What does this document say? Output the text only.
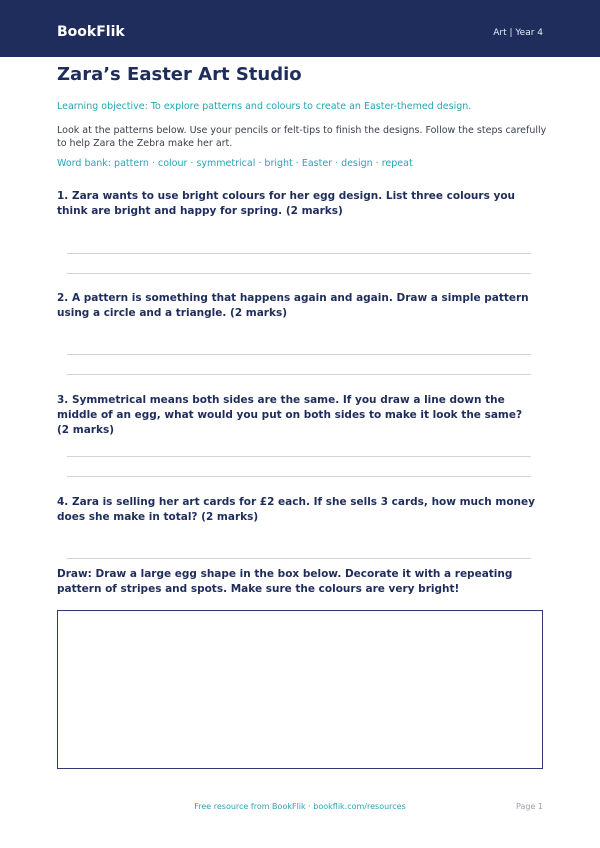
BookFlik	Art | Year 4
Zara’s Easter Art Studio
Learning objective: To explore patterns and colours to create an Easter-themed design.
Look at the patterns below. Use your pencils or felt-tips to finish the designs. Follow the steps carefully to help Zara the Zebra make her art.
Word bank: pattern · colour · symmetrical · bright · Easter · design · repeat
1. Zara wants to use bright colours for her egg design. List three colours you think are bright and happy for spring. (2 marks)
2. A pattern is something that happens again and again. Draw a simple pattern using a circle and a triangle. (2 marks)
3. Symmetrical means both sides are the same. If you draw a line down the middle of an egg, what would you put on both sides to make it look the same? (2 marks)
4. Zara is selling her art cards for £2 each. If she sells 3 cards, how much money does she make in total? (2 marks)
Draw: Draw a large egg shape in the box below. Decorate it with a repeating pattern of stripes and spots. Make sure the colours are very bright!
Free resource from BookFlik · bookflik.com/resources	Page 1
